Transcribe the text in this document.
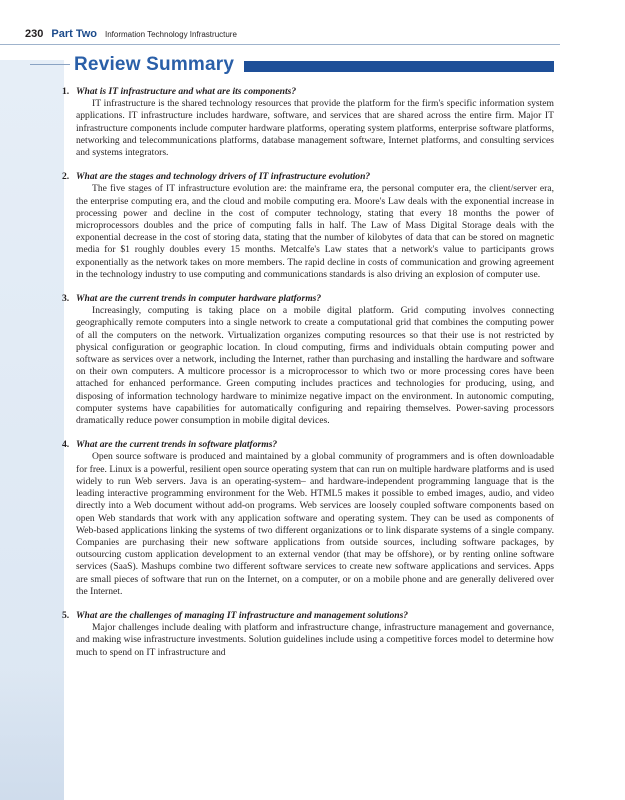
230 Part Two Information Technology Infrastructure
Review Summary
1. What is IT infrastructure and what are its components?

IT infrastructure is the shared technology resources that provide the platform for the firm's specific information system applications. IT infrastructure includes hardware, software, and services that are shared across the entire firm. Major IT infrastructure components include computer hardware platforms, operating system platforms, enterprise software platforms, networking and telecommunications platforms, database management software, Internet platforms, and consulting services and systems integrators.

2. What are the stages and technology drivers of IT infrastructure evolution?

The five stages of IT infrastructure evolution are: the mainframe era, the personal computer era, the client/server era, the enterprise computing era, and the cloud and mobile computing era. Moore's Law deals with the exponential increase in processing power and decline in the cost of computer technology, stating that every 18 months the power of microprocessors doubles and the price of computing falls in half. The Law of Mass Digital Storage deals with the exponential decrease in the cost of storing data, stating that the number of kilobytes of data that can be stored on magnetic media for $1 roughly doubles every 15 months. Metcalfe's Law states that a network's value to participants grows exponentially as the network takes on more members. The rapid decline in costs of communication and growing agreement in the technology industry to use computing and communications standards is also driving an explosion of computer use.

3. What are the current trends in computer hardware platforms?

Increasingly, computing is taking place on a mobile digital platform. Grid computing involves connecting geographically remote computers into a single network to create a computational grid that combines the computing power of all the computers on the network. Virtualization organizes computing resources so that their use is not restricted by physical configuration or geographic location. In cloud computing, firms and individuals obtain computing power and software as services over a network, including the Internet, rather than purchasing and installing the hardware and software on their own computers. A multicore processor is a microprocessor to which two or more processing cores have been attached for enhanced performance. Green computing includes practices and technologies for producing, using, and disposing of information technology hardware to minimize negative impact on the environment. In autonomic computing, computer systems have capabilities for automatically configuring and repairing themselves. Power-saving processors dramatically reduce power consumption in mobile digital devices.

4. What are the current trends in software platforms?

Open source software is produced and maintained by a global community of programmers and is often downloadable for free. Linux is a powerful, resilient open source operating system that can run on multiple hardware platforms and is used widely to run Web servers. Java is an operating-system– and hardware-independent programming language that is the leading interactive programming environment for the Web. HTML5 makes it possible to embed images, audio, and video directly into a Web document without add-on programs. Web services are loosely coupled software components based on open Web standards that work with any application software and operating system. They can be used as components of Web-based applications linking the systems of two different organizations or to link disparate systems of a single company. Companies are purchasing their new software applications from outside sources, including software packages, by outsourcing custom application development to an external vendor (that may be offshore), or by renting online software services (SaaS). Mashups combine two different software services to create new software applications and services. Apps are small pieces of software that run on the Internet, on a computer, or on a mobile phone and are generally delivered over the Internet.

5. What are the challenges of managing IT infrastructure and management solutions?

Major challenges include dealing with platform and infrastructure change, infrastructure management and governance, and making wise infrastructure investments. Solution guidelines include using a competitive forces model to determine how much to spend on IT infrastructure and
